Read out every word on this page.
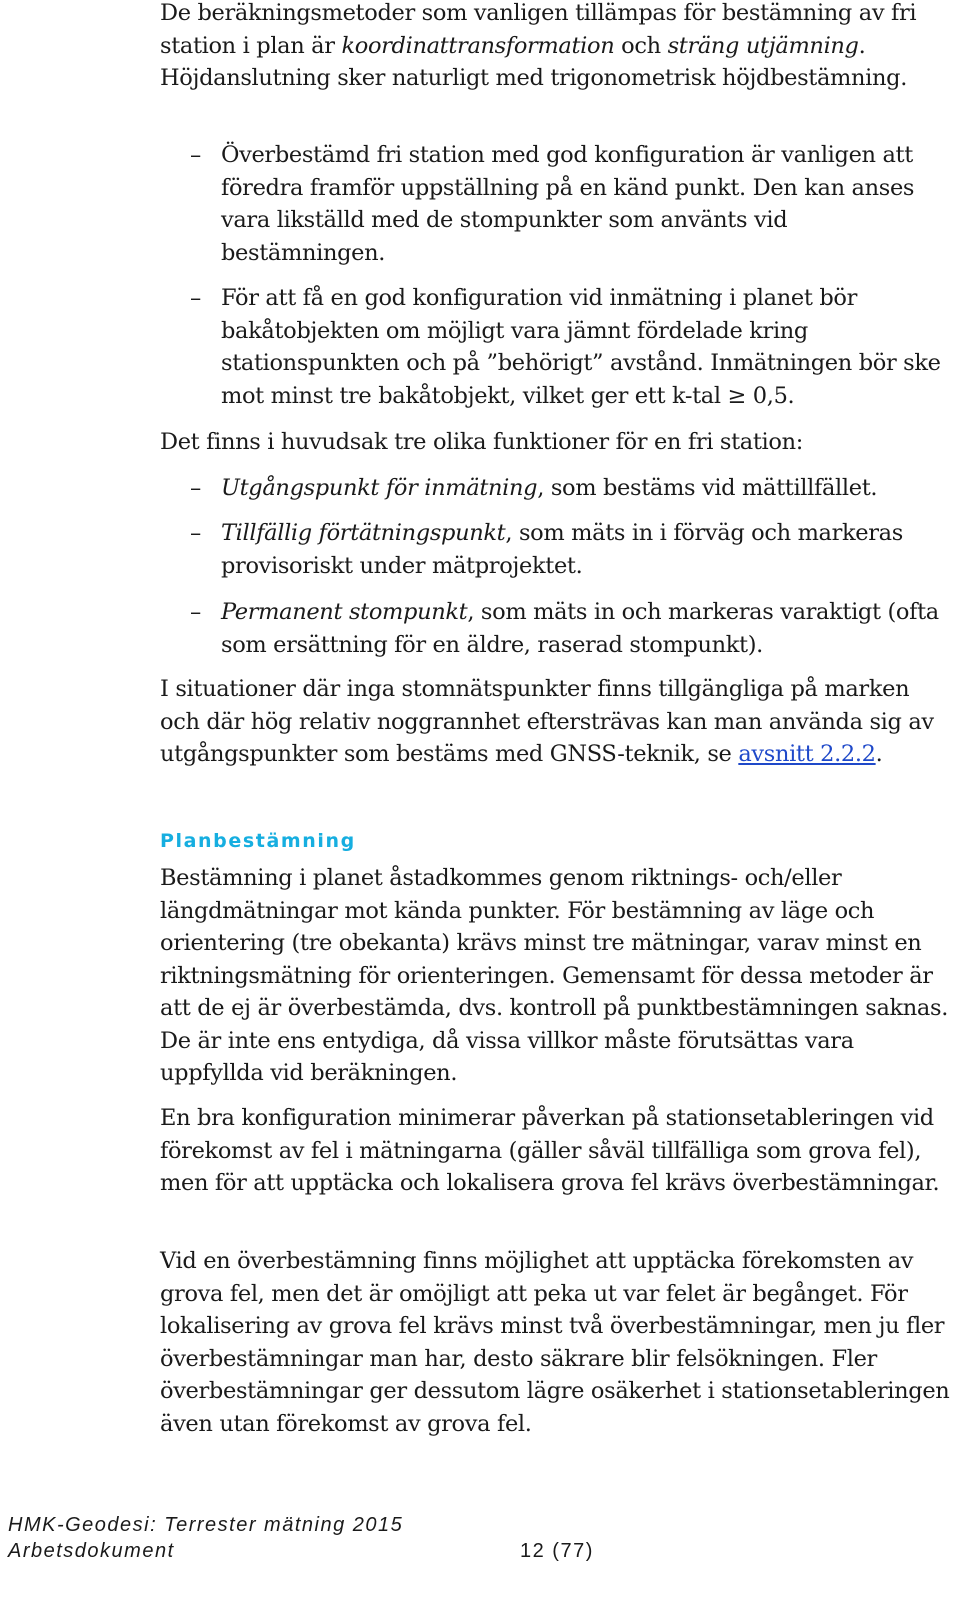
De beräkningsmetoder som vanligen tillämpas för bestämning av fri station i plan är koordinattransformation och sträng utjämning. Höjdanslutning sker naturligt med trigonometrisk höjdbestämning.

– Överbestämd fri station med god konfiguration är vanligen att föredra framför uppställning på en känd punkt. Den kan anses vara likställd med de stompunkter som använts vid bestämningen.
– För att få en god konfiguration vid inmätning i planet bör bakåtobjekten om möjligt vara jämnt fördelade kring stationspunkten och på ”behörigt” avstånd. Inmätningen bör ske mot minst tre bakåtobjekt, vilket ger ett k-tal ≥ 0,5.

Det finns i huvudsak tre olika funktioner för en fri station:

– Utgångspunkt för inmätning, som bestäms vid mättillfället.
– Tillfällig förtätningspunkt, som mäts in i förväg och markeras provisoriskt under mätprojektet.
– Permanent stompunkt, som mäts in och markeras varaktigt (ofta som ersättning för en äldre, raserad stompunkt).

I situationer där inga stomnätspunkter finns tillgängliga på marken och där hög relativ noggrannhet eftersträvas kan man använda sig av utgångspunkter som bestäms med GNSS-teknik, se avsnitt 2.2.2.

Planbestämning

Bestämning i planet åstadkommes genom riktnings- och/eller längdmätningar mot kända punkter. För bestämning av läge och orientering (tre obekanta) krävs minst tre mätningar, varav minst en riktningsmätning för orienteringen. Gemensamt för dessa metoder är att de ej är överbestämda, dvs. kontroll på punktbestämningen saknas. De är inte ens entydiga, då vissa villkor måste förutsättas vara uppfyllda vid beräkningen.

En bra konfiguration minimerar påverkan på stationsetableringen vid förekomst av fel i mätningarna (gäller såväl tillfälliga som grova fel), men för att upptäcka och lokalisera grova fel krävs överbestämningar.

Vid en överbestämning finns möjlighet att upptäcka förekomsten av grova fel, men det är omöjligt att peka ut var felet är begånget. För lokalisering av grova fel krävs minst två överbestämningar, men ju fler överbestämningar man har, desto säkrare blir felsökningen. Fler överbestämningar ger dessutom lägre osäkerhet i stationsetableringen även utan förekomst av grova fel.

HMK-Geodesi: Terrester mätning 2015
Arbetsdokument	12 (77)
